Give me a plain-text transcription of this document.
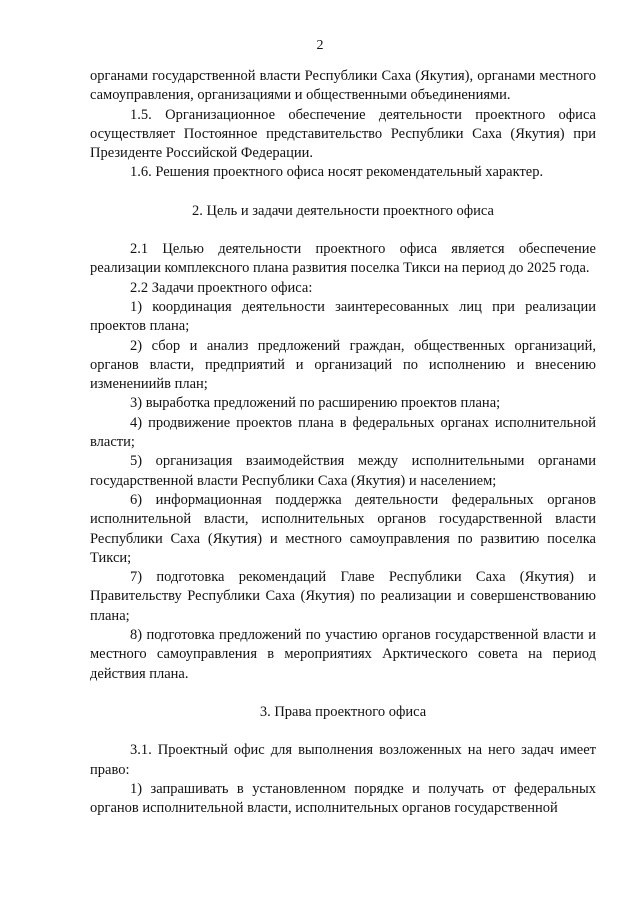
2

органами государственной власти Республики Саха (Якутия), органами местного самоуправления, организациями и общественными объединениями.

1.5. Организационное обеспечение деятельности проектного офиса осуществляет Постоянное представительство Республики Саха (Якутия) при Президенте Российской Федерации.

1.6. Решения проектного офиса носят рекомендательный характер.

2. Цель и задачи деятельности проектного офиса

2.1 Целью деятельности проектного офиса является обеспечение реализации комплексного плана развития поселка Тикси на период до 2025 года.

2.2 Задачи проектного офиса:

1) координация деятельности заинтересованных лиц при реализации проектов плана;

2) сбор и анализ предложений граждан, общественных организаций, органов власти, предприятий и организаций по исполнению и внесению изменениийв план;

3) выработка предложений по расширению проектов плана;

4) продвижение проектов плана в федеральных органах исполнительной власти;

5) организация взаимодействия между исполнительными органами государственной власти Республики Саха (Якутия) и населением;

6) информационная поддержка деятельности федеральных органов исполнительной власти, исполнительных органов государственной власти Республики Саха (Якутия) и местного самоуправления по развитию поселка Тикси;

7) подготовка рекомендаций Главе Республики Саха (Якутия) и Правительству Республики Саха (Якутия) по реализации и совершенствованию плана;

8) подготовка предложений по участию органов государственной власти и местного самоуправления в мероприятиях Арктического совета на период действия плана.

3. Права проектного офиса

3.1. Проектный офис для выполнения возложенных на него задач имеет право:

1) запрашивать в установленном порядке и получать от федеральных органов исполнительной власти, исполнительных органов государственной
